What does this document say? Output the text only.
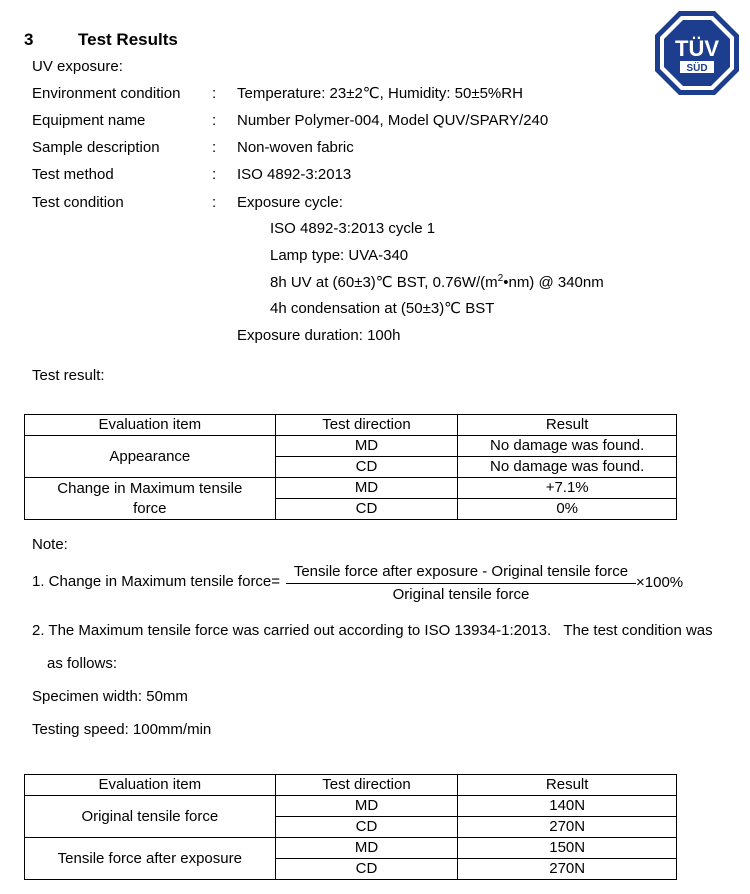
TÜV
SÜD
3	Test Results
UV exposure:
Environment condition : Temperature: 23±2℃, Humidity: 50±5%RH
Equipment name	: Number Polymer-004, Model QUV/SPARY/240
Sample description	: Non-woven fabric
Test method	: ISO 4892-3:2013
Test condition	: Exposure cycle:
ISO 4892-3:2013 cycle 1
Lamp type: UVA-340
8h UV at (60±3)℃ BST, $0.76W/(m^2•nm)$ @ 340nm
4h condensation at (50±3)℃ BST
Exposure duration: 100h
Test result:
Evaluation item	Test direction	Result
Appearance	MD	No damage was found.
	CD	No damage was found.

Change in Maximum tensile
force	MD	+7.1%
	CD	0%
Note:
1. Change in Maximum tensile force=
Tensile force after exposure - Original tensile force
Original tensile force
×100%
2. The Maximum tensile force was carried out according to ISO 13934-1:2013.   The test condition was
as follows:
Specimen width: 50mm
Testing speed: 100mm/min
Evaluation item	Test direction	Result
Original tensile force	MD	140N
	CD	270N
Tensile force after exposure	MD	150N
	CD	270N
